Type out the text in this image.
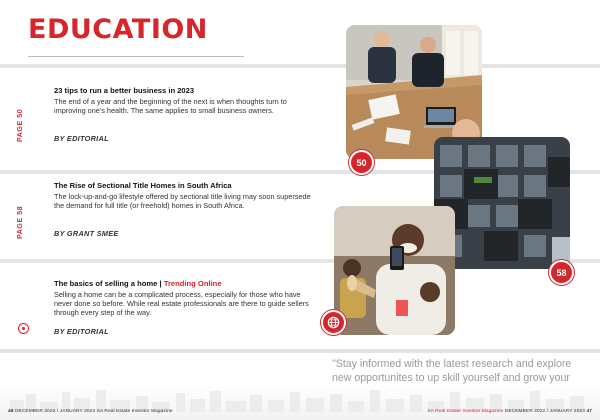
EDUCATION
PAGE 50
23 tips to run a better business in 2023
The end of a year and the beginning of the next is when thoughts turn to improving one's health. The same applies to small business owners.
BY EDITORIAL
PAGE 58
The Rise of Sectional Title Homes in South Africa
The lock-up-and-go lifestyle offered by sectional title living may soon supersede the demand for full title (or freehold) homes in South Africa.
BY GRANT SMEE
The basics of selling a home | Trending Online
Selling a home can be a complicated process, especially for those who have never done so before. While real estate professionals are there to guide sellers through every step of the way.
BY EDITORIAL
50
58
"Stay informed with the latest research and explore new opportunites to up skill yourself and grow your
46 DECEMBER 2022 / JANUARY 2023 SA Real Estate Investor Magazine	SA Real Estate Investor Magazine DECEMBER 2022 / JANUARY 2023 47
